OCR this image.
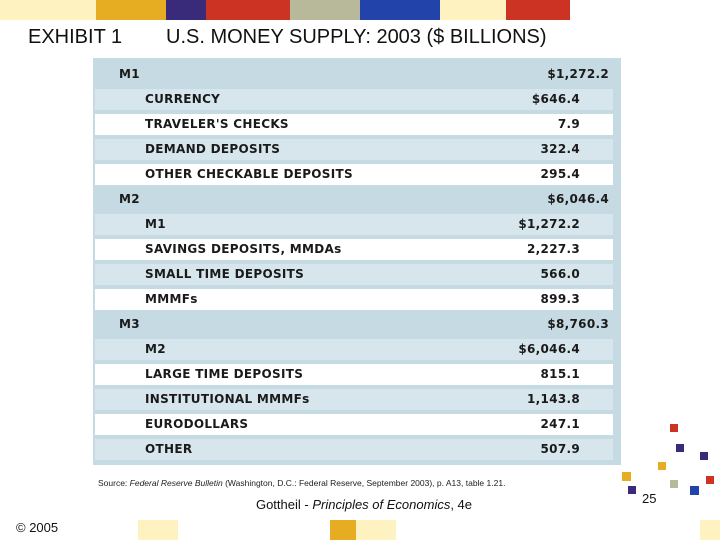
EXHIBIT 1 U.S. MONEY SUPPLY: 2003 ($ BILLIONS)
M1	$1,272.2
CURRENCY	$646.4
TRAVELER'S CHECKS	7.9
DEMAND DEPOSITS	322.4
OTHER CHECKABLE DEPOSITS	295.4
M2	$6,046.4
M1	$1,272.2
SAVINGS DEPOSITS, MMDAs	2,227.3
SMALL TIME DEPOSITS	566.0
MMMFs	899.3
M3	$8,760.3
M2	$6,046.4
LARGE TIME DEPOSITS	815.1
INSTITUTIONAL MMMFs	1,143.8
EURODOLLARS	247.1
OTHER	507.9
Source: Federal Reserve Bulletin (Washington, D.C.: Federal Reserve, September 2003), p. A13, table 1.21.
© 2005
Gottheil - Principles of Economics, 4e	25
